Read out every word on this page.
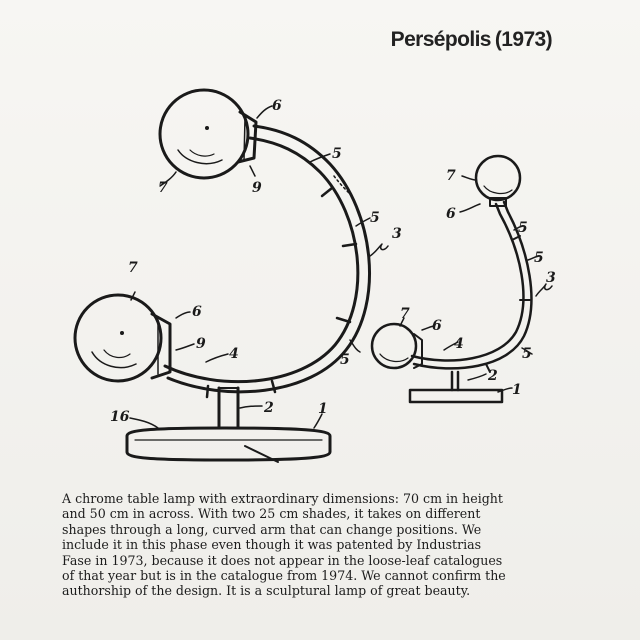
Persépolis (1973)
6
7	9
5
5
3
7
6
9
4	5
16
2	1
7
6
5
5
3
5
7
6
4
2
1
A chrome table lamp with extraordinary dimensions: 70 cm in height
and 50 cm in across. With two 25 cm shades, it takes on different
shapes through a long, curved arm that can change positions. We
include it in this phase even though it was patented by Industrias
Fase in 1973, because it does not appear in the loose-leaf catalogues
of that year but is in the catalogue from 1974. We cannot confirm the
authorship of the design. It is a sculptural lamp of great beauty.
